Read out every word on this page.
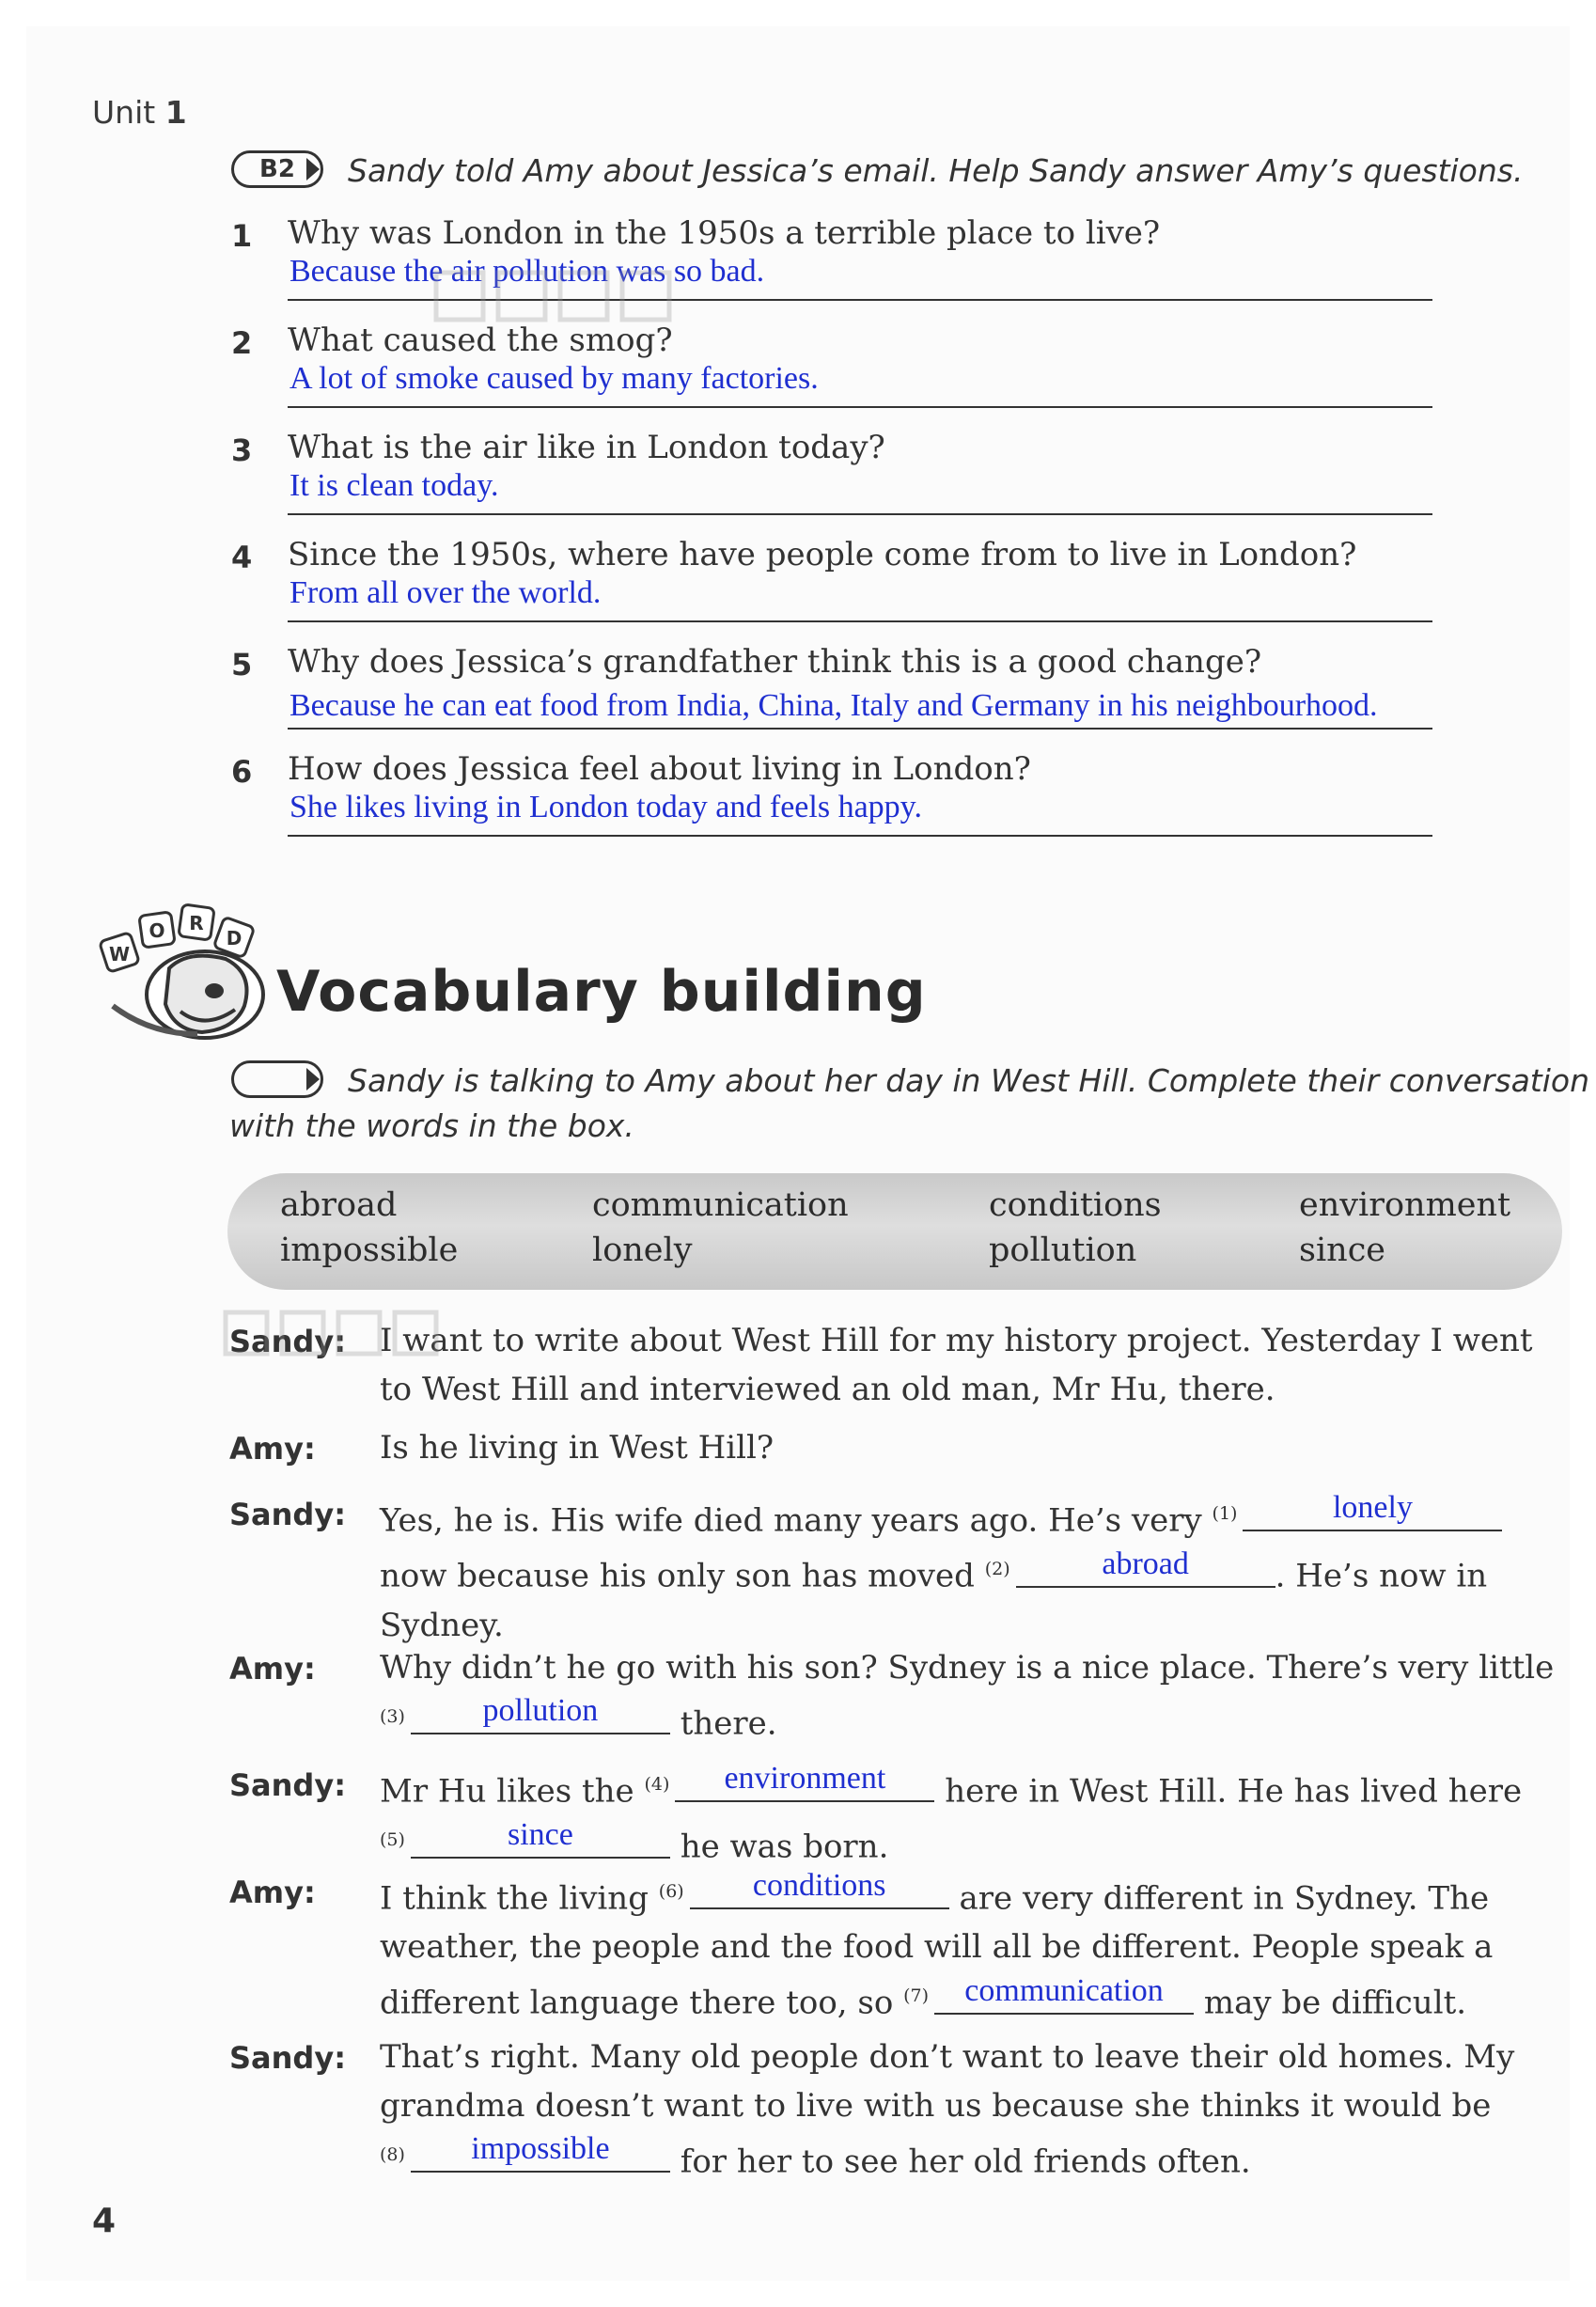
Unit 1
B2	Sandy told Amy about Jessica’s email. Help Sandy answer Amy’s questions.
1 Why was London in the 1950s a terrible place to live?
Because the air pollution was so bad.
2 What caused the smog?
A lot of smoke caused by many factories.
3 What is the air like in London today?
It is clean today.
4 Since the 1950s, where have people come from to live in London?
From all over the world.
5 Why does Jessica’s grandfather think this is a good change?
Because he can eat food from India, China, Italy and Germany in his neighbourhood.
6 How does Jessica feel about living in London?
She likes living in London today and feels happy.
W
O R
D
Vocabulary building
Sandy is talking to Amy about her day in West Hill. Complete their conversation
with the words in the box.
abroad	communication	conditions	environment
impossible	lonely	pollution	since
Sandy: I want to write about West Hill for my history project. Yesterday I went
to West Hill and interviewed an old man, Mr Hu, there.
Amy: Is he living in West Hill?
Sandy: Yes, he is. His wife died many years ago. He’s very $^{(1)}$	lonely
now because his only son has moved $^{(2)}$	abroad	. He’s now in
Sydney.
Amy: Why didn’t he go with his son? Sydney is a nice place. There’s very little
$^{(3)}$ pollution	there.
Sandy: Mr Hu likes the $^{(4)}$ environment here in West Hill. He has lived here
$^{(5)}$	since	he was born.
Amy: I think the living $^{(6)}$ conditions are very different in Sydney. The
weather, the people and the food will all be different. People speak a
different language there too, so $^{(7)}$ communication may be difficult.
Sandy: That’s right. Many old people don’t want to leave their old homes. My
grandma doesn’t want to live with us because she thinks it would be
$^{(8)}$ impossible for her to see her old friends often.
4
